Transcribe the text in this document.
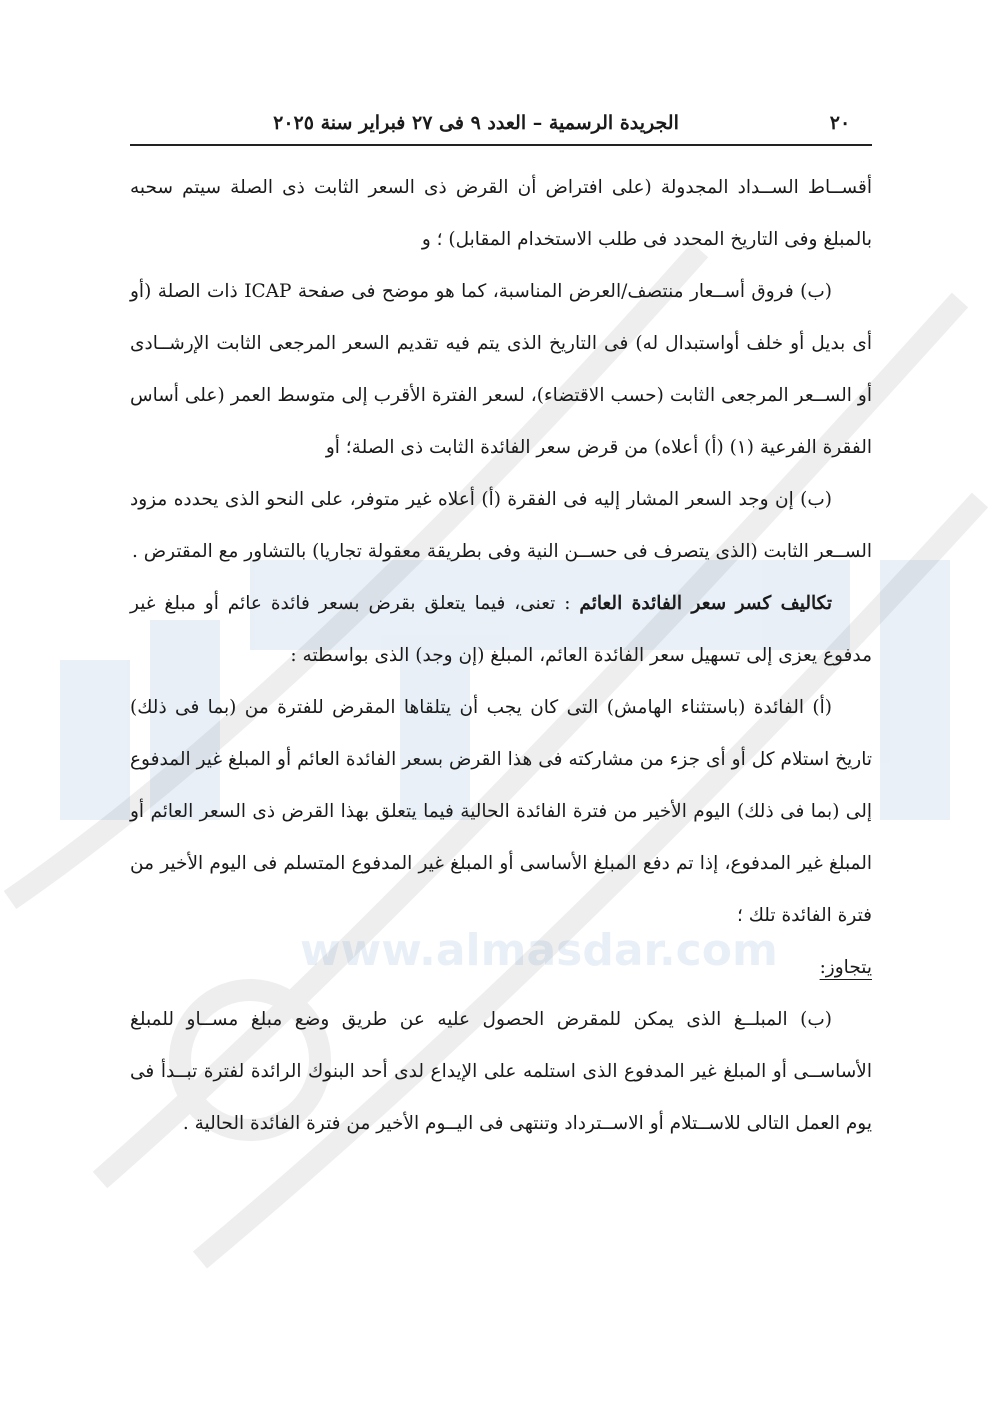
www.almasdar.com
٢٠
الجريدة الرسمية – العدد ٩ فى ٢٧ فبراير سنة ٢٠٢٥

أقســاط الســداد المجدولة (على افتراض أن القرض ذى السعر الثابت ذى الصلة سيتم سحبه بالمبلغ وفى التاريخ المحدد فى طلب الاستخدام المقابل) ؛ و

(ب) فروق أســعار منتصف/العرض المناسبة، كما هو موضح فى صفحة ICAP ذات الصلة (أو أى بديل أو خلف أواستبدال له) فى التاريخ الذى يتم فيه تقديم السعر المرجعى الثابت الإرشــادى أو الســعر المرجعى الثابت (حسب الاقتضاء)، لسعر الفترة الأقرب إلى متوسط العمر (على أساس الفقرة الفرعية (١) (أ) أعلاه) من قرض سعر الفائدة الثابت ذى الصلة؛ أو

(ب) إن وجد السعر المشار إليه فى الفقرة (أ) أعلاه غير متوفر، على النحو الذى يحدده مزود الســعر الثابت (الذى يتصرف فى حســن النية وفى بطريقة معقولة تجاريا) بالتشاور مع المقترض .

تكاليف كسر سعر الفائدة العائم : تعنى، فيما يتعلق بقرض بسعر فائدة عائم أو مبلغ غير مدفوع يعزى إلى تسهيل سعر الفائدة العائم، المبلغ (إن وجد) الذى بواسطته :

(أ) الفائدة (باستثناء الهامش) التى كان يجب أن يتلقاها المقرض للفترة من (بما فى ذلك) تاريخ استلام كل أو أى جزء من مشاركته فى هذا القرض بسعر الفائدة العائم أو المبلغ غير المدفوع إلى (بما فى ذلك) اليوم الأخير من فترة الفائدة الحالية فيما يتعلق بهذا القرض ذى السعر العائم أو المبلغ غير المدفوع، إذا تم دفع المبلغ الأساسى أو المبلغ غير المدفوع المتسلم فى اليوم الأخير من فترة الفائدة تلك ؛

يتجاوز:

(ب) المبلــغ الذى يمكن للمقرض الحصول عليه عن طريق وضع مبلغ مســاو للمبلغ الأساســى أو المبلغ غير المدفوع الذى استلمه على الإيداع لدى أحد البنوك الرائدة لفترة تبــدأ فى يوم العمل التالى للاســتلام أو الاســترداد وتنتهى فى اليــوم الأخير من فترة الفائدة الحالية .
